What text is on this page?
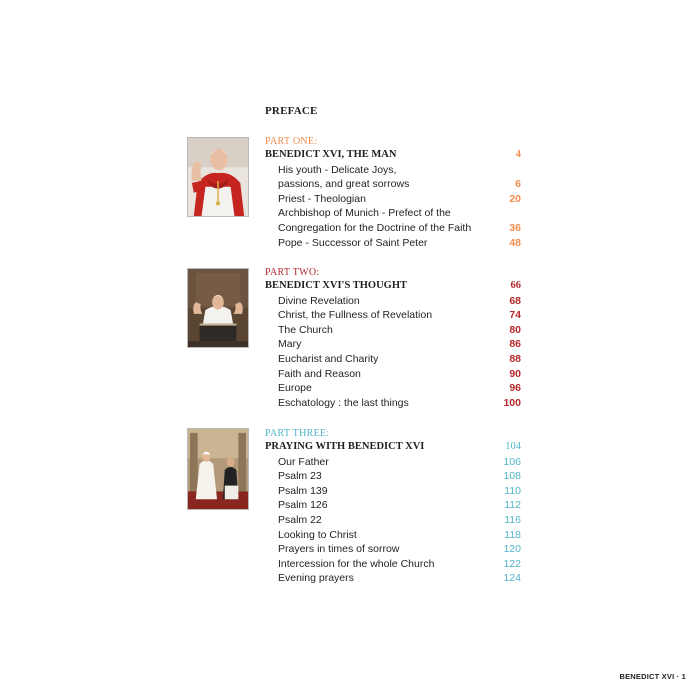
PREFACE
PART ONE:
BENEDICT XVI, THE MAN	4
His youth - Delicate Joys,
passions, and great sorrows	6
Priest - Theologian	20
Archbishop of Munich - Prefect of the
Congregation for the Doctrine of the Faith	36
Pope - Successor of Saint Peter	48
PART TWO:
BENEDICT XVI'S THOUGHT	66
Divine Revelation	68
Christ, the Fullness of Revelation	74
The Church	80
Mary	86
Eucharist and Charity	88
Faith and Reason	90
Europe	96
Eschatology : the last things	100
PART THREE:
PRAYING WITH BENEDICT XVI	104
Our Father	106
Psalm 23	108
Psalm 139	110
Psalm 126	112
Psalm 22	116
Looking to Christ	118
Prayers in times of sorrow	120
Intercession for the whole Church	122
Evening prayers	124
BENEDICT XVI · 1
